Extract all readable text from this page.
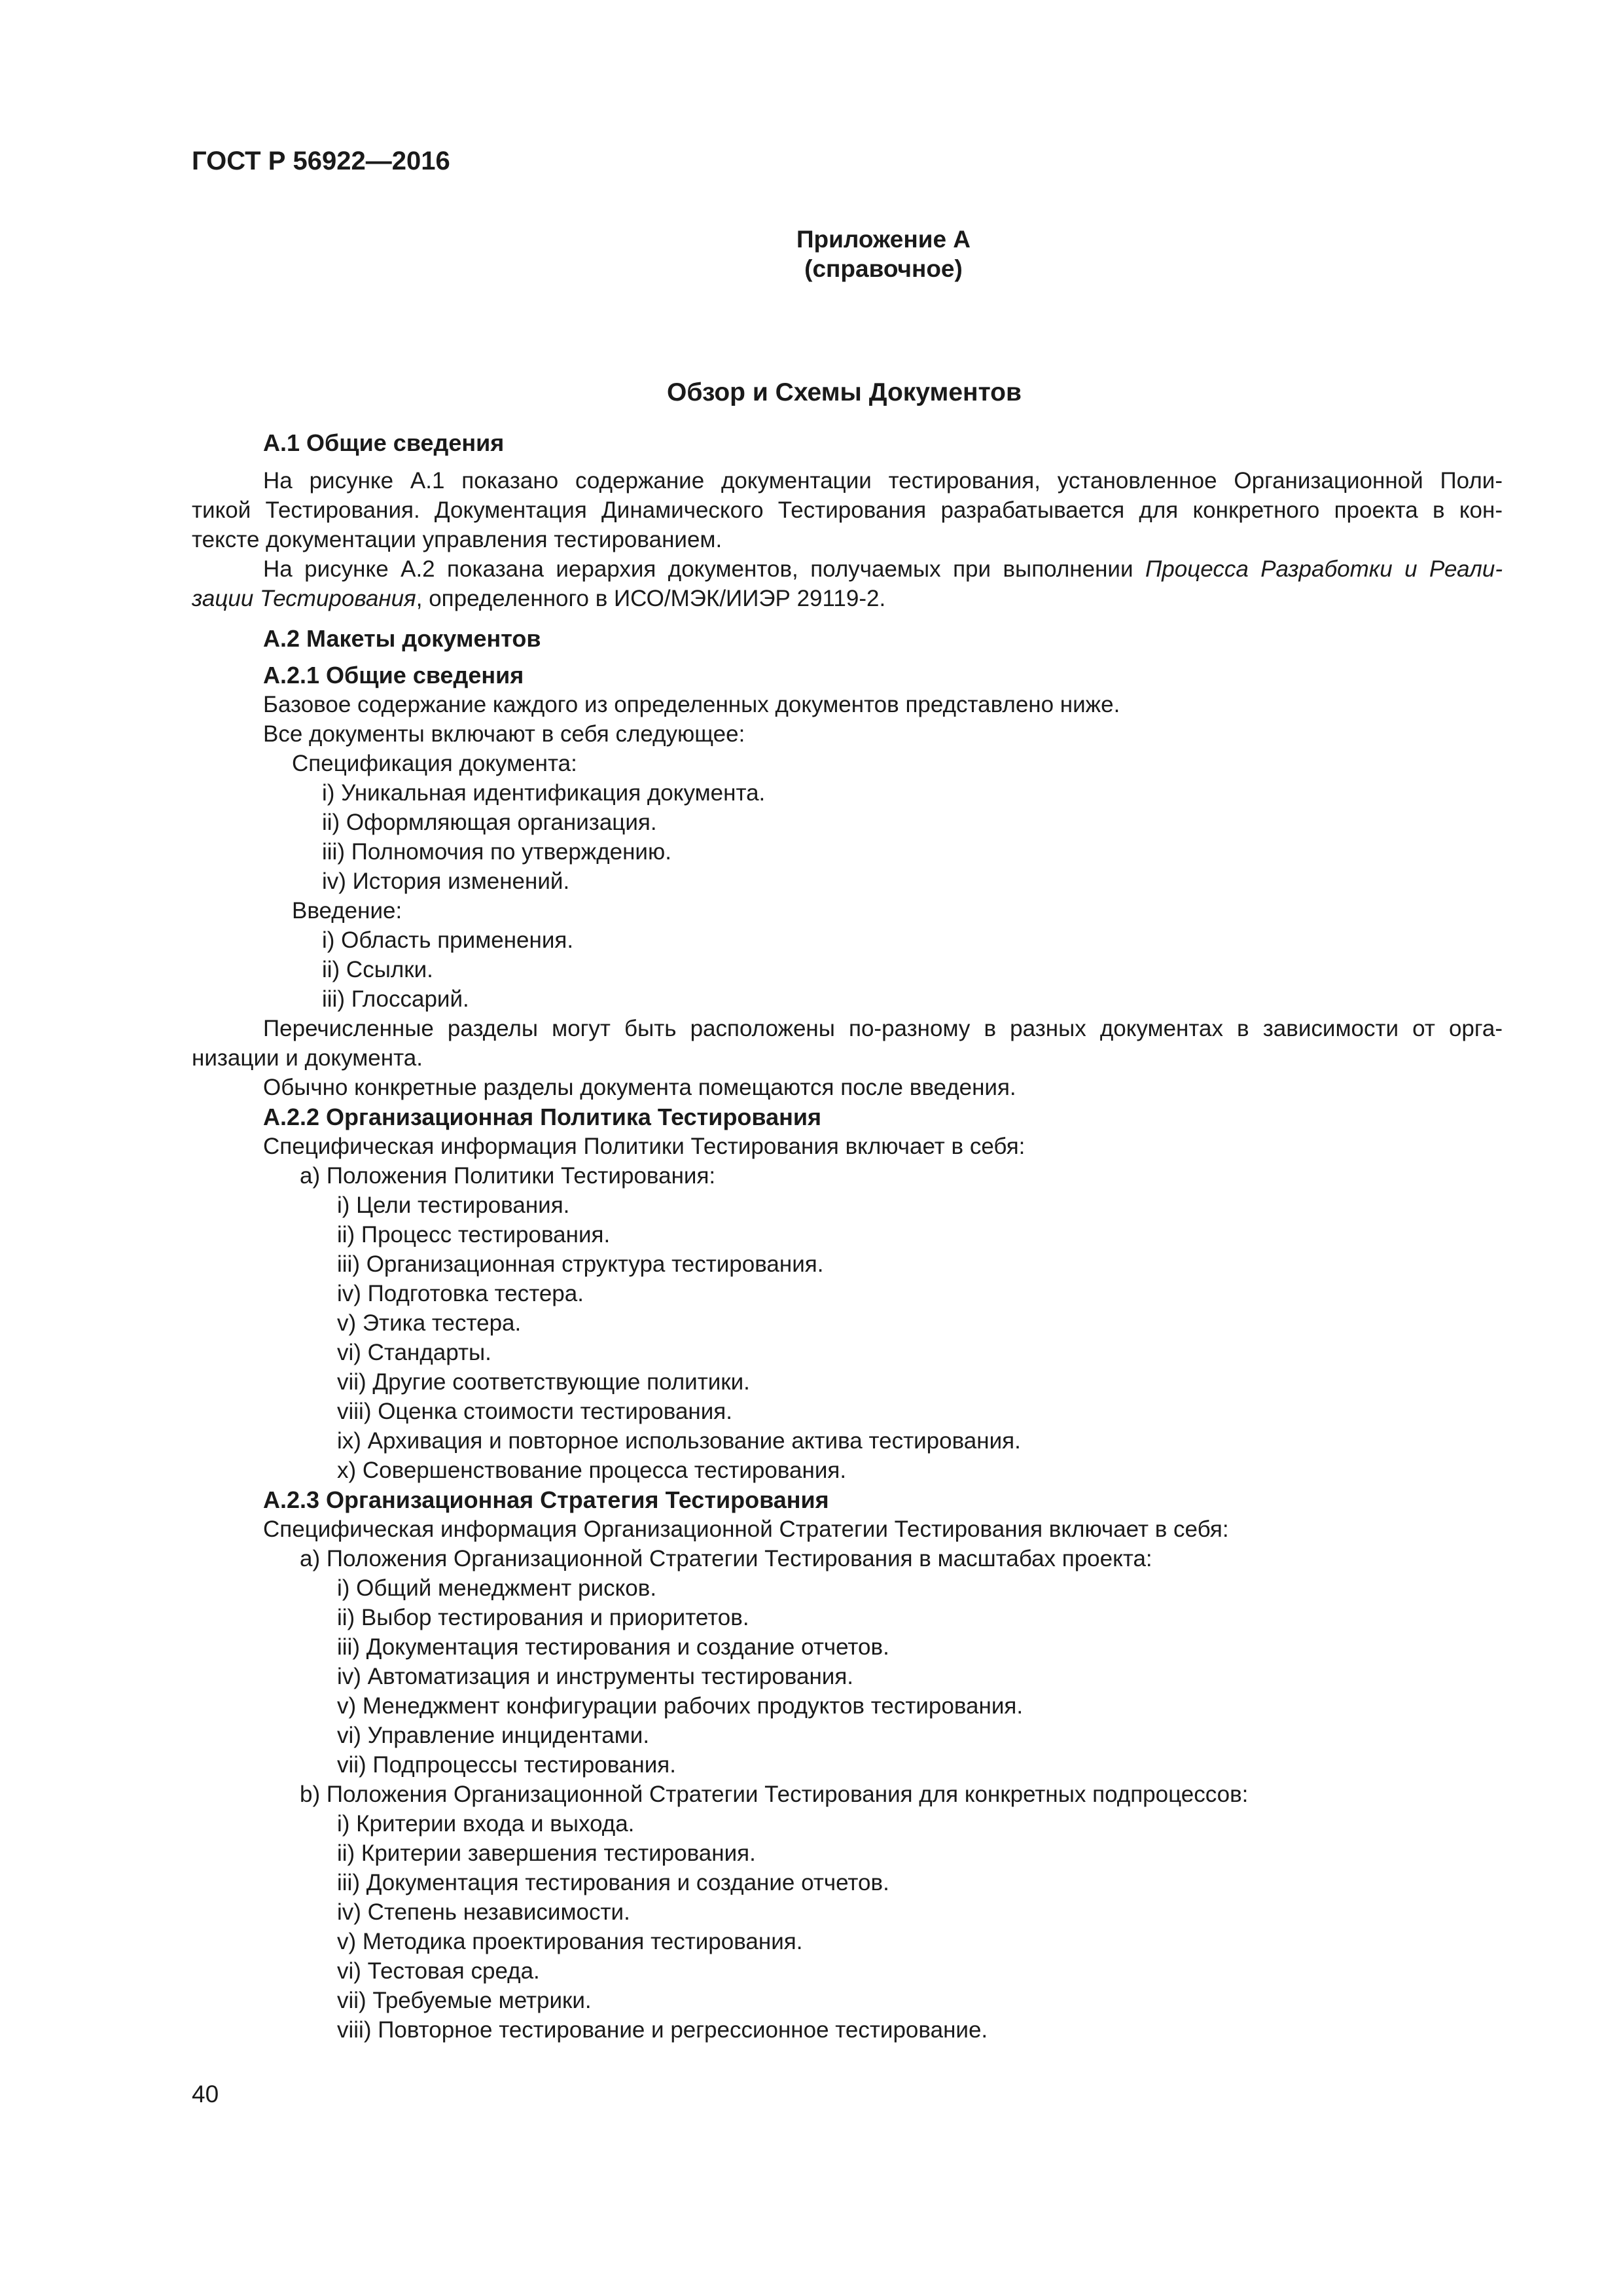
ГОСТ Р 56922—2016
Приложение А
(справочное)
Обзор и Схемы Документов
А.1 Общие сведения
На рисунке А.1 показано содержание документации тестирования, установленное Организационной Поли-
тикой Тестирования. Документация Динамического Тестирования разрабатывается для конкретного проекта в кон-
тексте документации управления тестированием.
На рисунке А.2 показана иерархия документов, получаемых при выполнении Процесса Разработки и Реали-
зации Тестирования, определенного в ИСО/МЭК/ИИЭР 29119-2.
А.2 Макеты документов
А.2.1 Общие сведения
Базовое содержание каждого из определенных документов представлено ниже.
Все документы включают в себя следующее:
Спецификация документа:
i) Уникальная идентификация документа.
ii) Оформляющая организация.
iii) Полномочия по утверждению.
iv) История изменений.
Введение:
i) Область применения.
ii) Ссылки.
iii) Глоссарий.
Перечисленные разделы могут быть расположены по-разному в разных документах в зависимости от орга-
низации и документа.
Обычно конкретные разделы документа помещаются после введения.
А.2.2 Организационная Политика Тестирования
Специфическая информация Политики Тестирования включает в себя:
а) Положения Политики Тестирования:
i) Цели тестирования.
ii) Процесс тестирования.
iii) Организационная структура тестирования.
iv) Подготовка тестера.
v) Этика тестера.
vi) Стандарты.
vii) Другие соответствующие политики.
viii) Оценка стоимости тестирования.
ix) Архивация и повторное использование актива тестирования.
x) Совершенствование процесса тестирования.
А.2.3 Организационная Стратегия Тестирования
Специфическая информация Организационной Стратегии Тестирования включает в себя:
a) Положения Организационной Стратегии Тестирования в масштабах проекта:
i) Общий менеджмент рисков.
ii) Выбор тестирования и приоритетов.
iii) Документация тестирования и создание отчетов.
iv) Автоматизация и инструменты тестирования.
v) Менеджмент конфигурации рабочих продуктов тестирования.
vi) Управление инцидентами.
vii) Подпроцессы тестирования.
b) Положения Организационной Стратегии Тестирования для конкретных подпроцессов:
i) Критерии входа и выхода.
ii) Критерии завершения тестирования.
iii) Документация тестирования и создание отчетов.
iv) Степень независимости.
v) Методика проектирования тестирования.
vi) Тестовая среда.
vii) Требуемые метрики.
viii) Повторное тестирование и регрессионное тестирование.
40
